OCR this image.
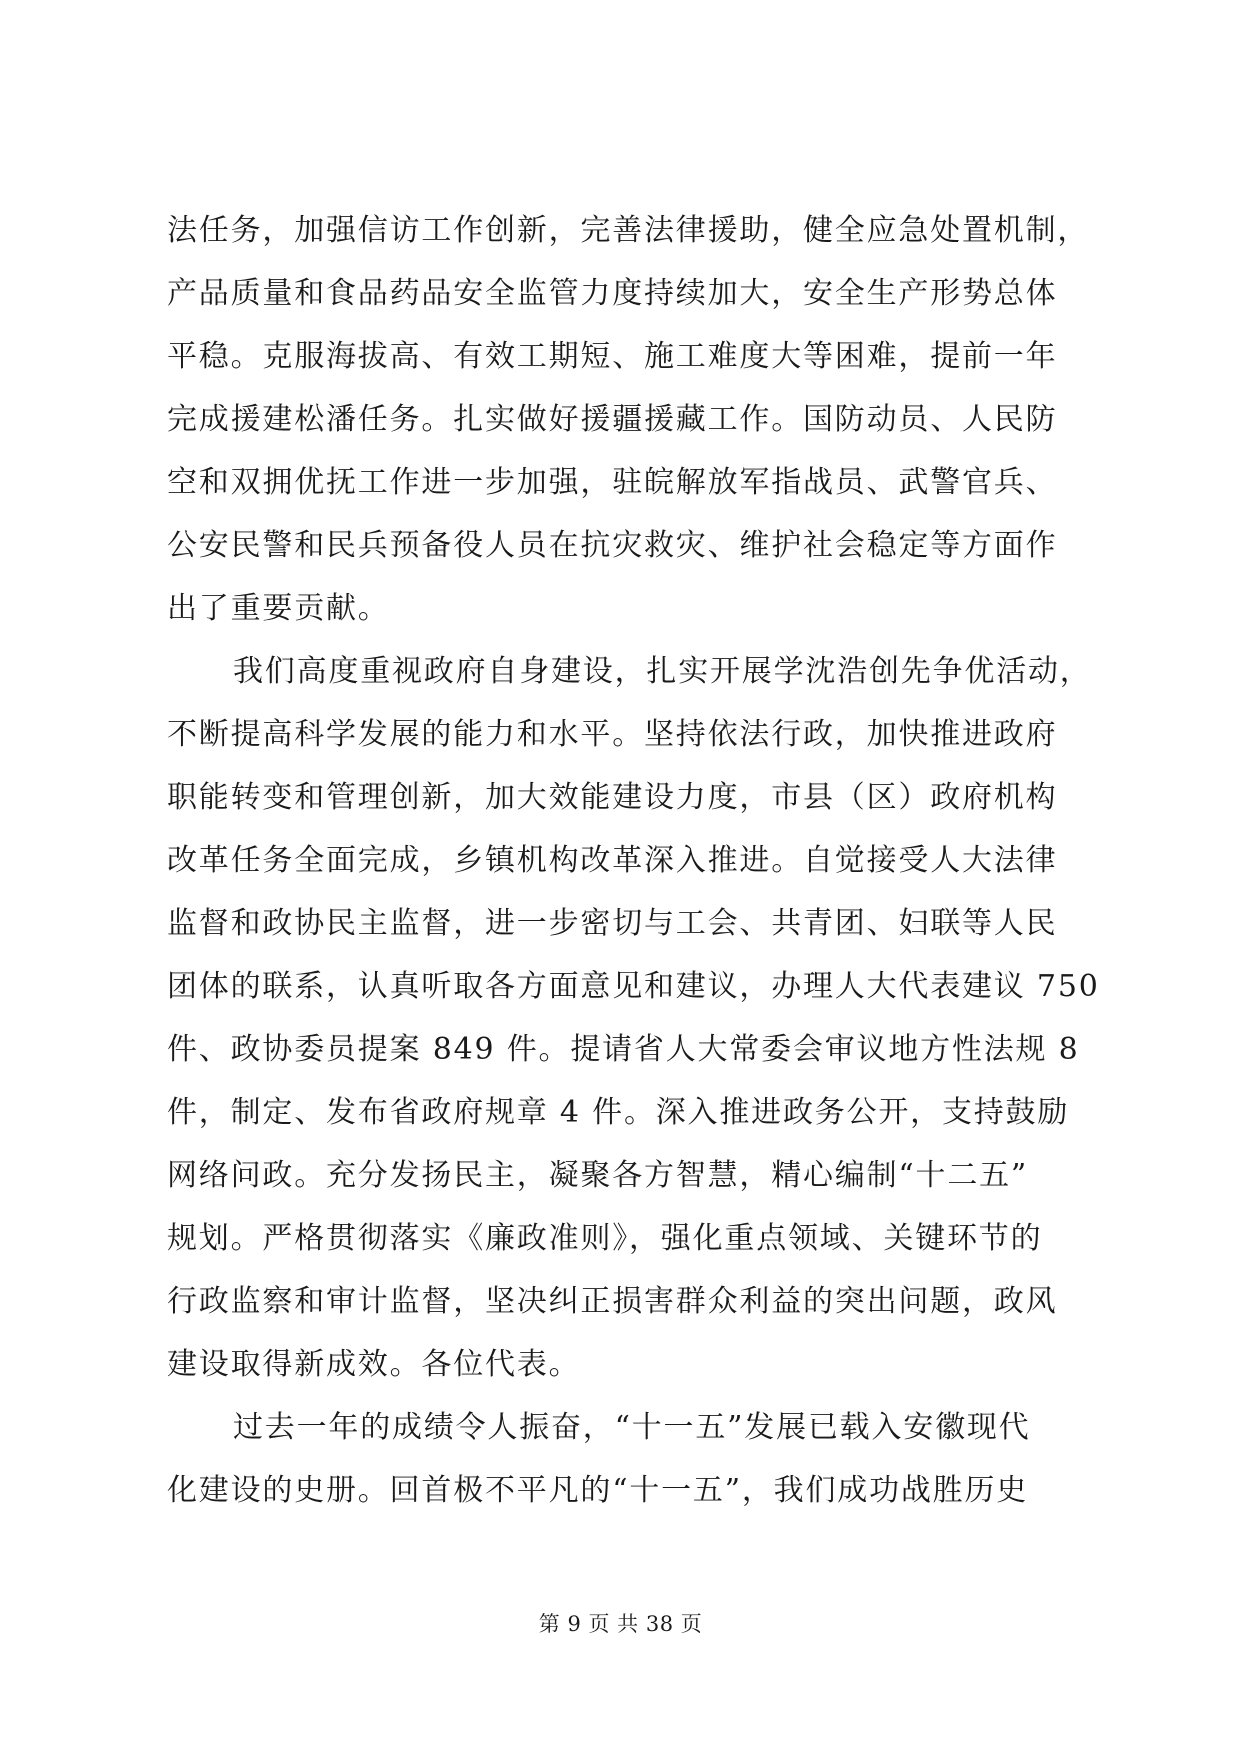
法任务，加强信访工作创新，完善法律援助，健全应急处置机制，
产品质量和食品药品安全监管力度持续加大，安全生产形势总体
平稳。克服海拔高、有效工期短、施工难度大等困难，提前一年
完成援建松潘任务。扎实做好援疆援藏工作。国防动员、人民防
空和双拥优抚工作进一步加强，驻皖解放军指战员、武警官兵、
公安民警和民兵预备役人员在抗灾救灾、维护社会稳定等方面作
出了重要贡献。
我们高度重视政府自身建设，扎实开展学沈浩创先争优活动，
不断提高科学发展的能力和水平。坚持依法行政，加快推进政府
职能转变和管理创新，加大效能建设力度，市县（区）政府机构
改革任务全面完成，乡镇机构改革深入推进。自觉接受人大法律
监督和政协民主监督，进一步密切与工会、共青团、妇联等人民
团体的联系，认真听取各方面意见和建议，办理人大代表建议 750
件、政协委员提案 849 件。提请省人大常委会审议地方性法规 8
件，制定、发布省政府规章 4 件。深入推进政务公开，支持鼓励
网络问政。充分发扬民主，凝聚各方智慧，精心编制“十二五”
规划。严格贯彻落实《廉政准则》，强化重点领域、关键环节的
行政监察和审计监督，坚决纠正损害群众利益的突出问题，政风
建设取得新成效。各位代表。
过去一年的成绩令人振奋，“十一五”发展已载入安徽现代
化建设的史册。回首极不平凡的“十一五”，我们成功战胜历史
第 9 页 共 38 页
